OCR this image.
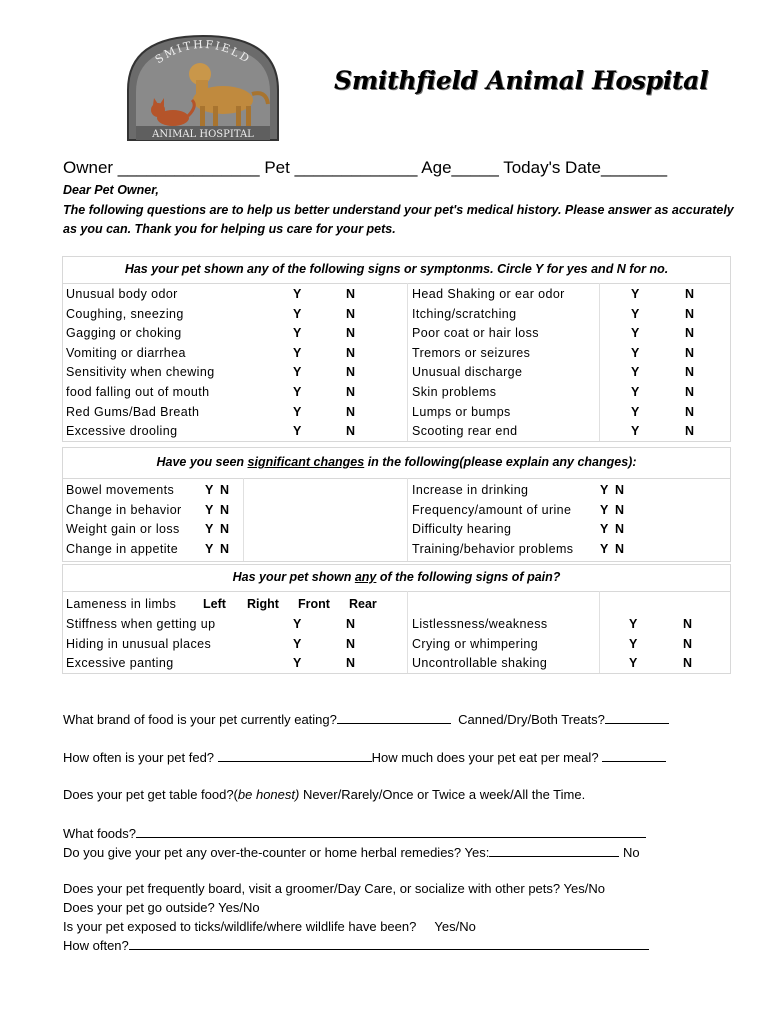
ANIMAL HOSPITAL
SMITHFIELD
Smithfield Animal Hospital
Owner _______________ Pet _____________ Age_____ Today's Date_______
Dear Pet Owner,
The following questions are to help us better understand your pet's medical history. Please answer as accurately as you can. Thank you for helping us care for your pets.
Has your pet shown any of the following signs or symptonms. Circle Y for yes and N for no.
Unusual body odor	Y	N	Head Shaking or ear odor	Y	N
Coughing, sneezing	Y	N	Itching/scratching	Y	N
Gagging or choking	Y	N	Poor coat or hair loss	Y	N
Vomiting or diarrhea	Y	N	Tremors or seizures	Y	N
Sensitivity when chewing	Y	N	Unusual discharge	Y	N
food falling out of mouth	Y	N	Skin problems	Y	N
Red Gums/Bad Breath	Y	N	Lumps or bumps	Y	N
Excessive drooling	Y	N	Scooting rear end	Y	N
Have you seen significant changes in the following(please explain any changes):
Bowel movements Y  N	Increase in drinking	Y  N
Change in behavior Y  N	Frequency/amount of urine Y  N
Weight gain or loss Y  N	Difficulty hearing	Y  N
Change in appetite Y  N	Training/behavior problems Y  N
Has your pet shown any of the following signs of pain?
Lameness in limbs Left Right Front Rear
Stiffness when getting up	Y	N	Listlessness/weakness	Y	N
Hiding in unusual places	Y	N	Crying or whimpering	Y	N
Excessive panting	Y	N	Uncontrollable shaking	Y	N
What brand of food is your pet currently eating?	Canned/Dry/Both Treats?
How often is your pet fed?	How much does your pet eat per meal?
Does your pet get table food?(be honest) Never/Rarely/Once or Twice a week/All the Time.
What foods?
Do you give your pet any over-the-counter or home herbal remedies? Yes:	No
Does your pet frequently board, visit a groomer/Day Care, or socialize with other pets? Yes/No
Does your pet go outside? Yes/No
Is your pet exposed to ticks/wildlife/where wildlife have been? Yes/No
How often?
